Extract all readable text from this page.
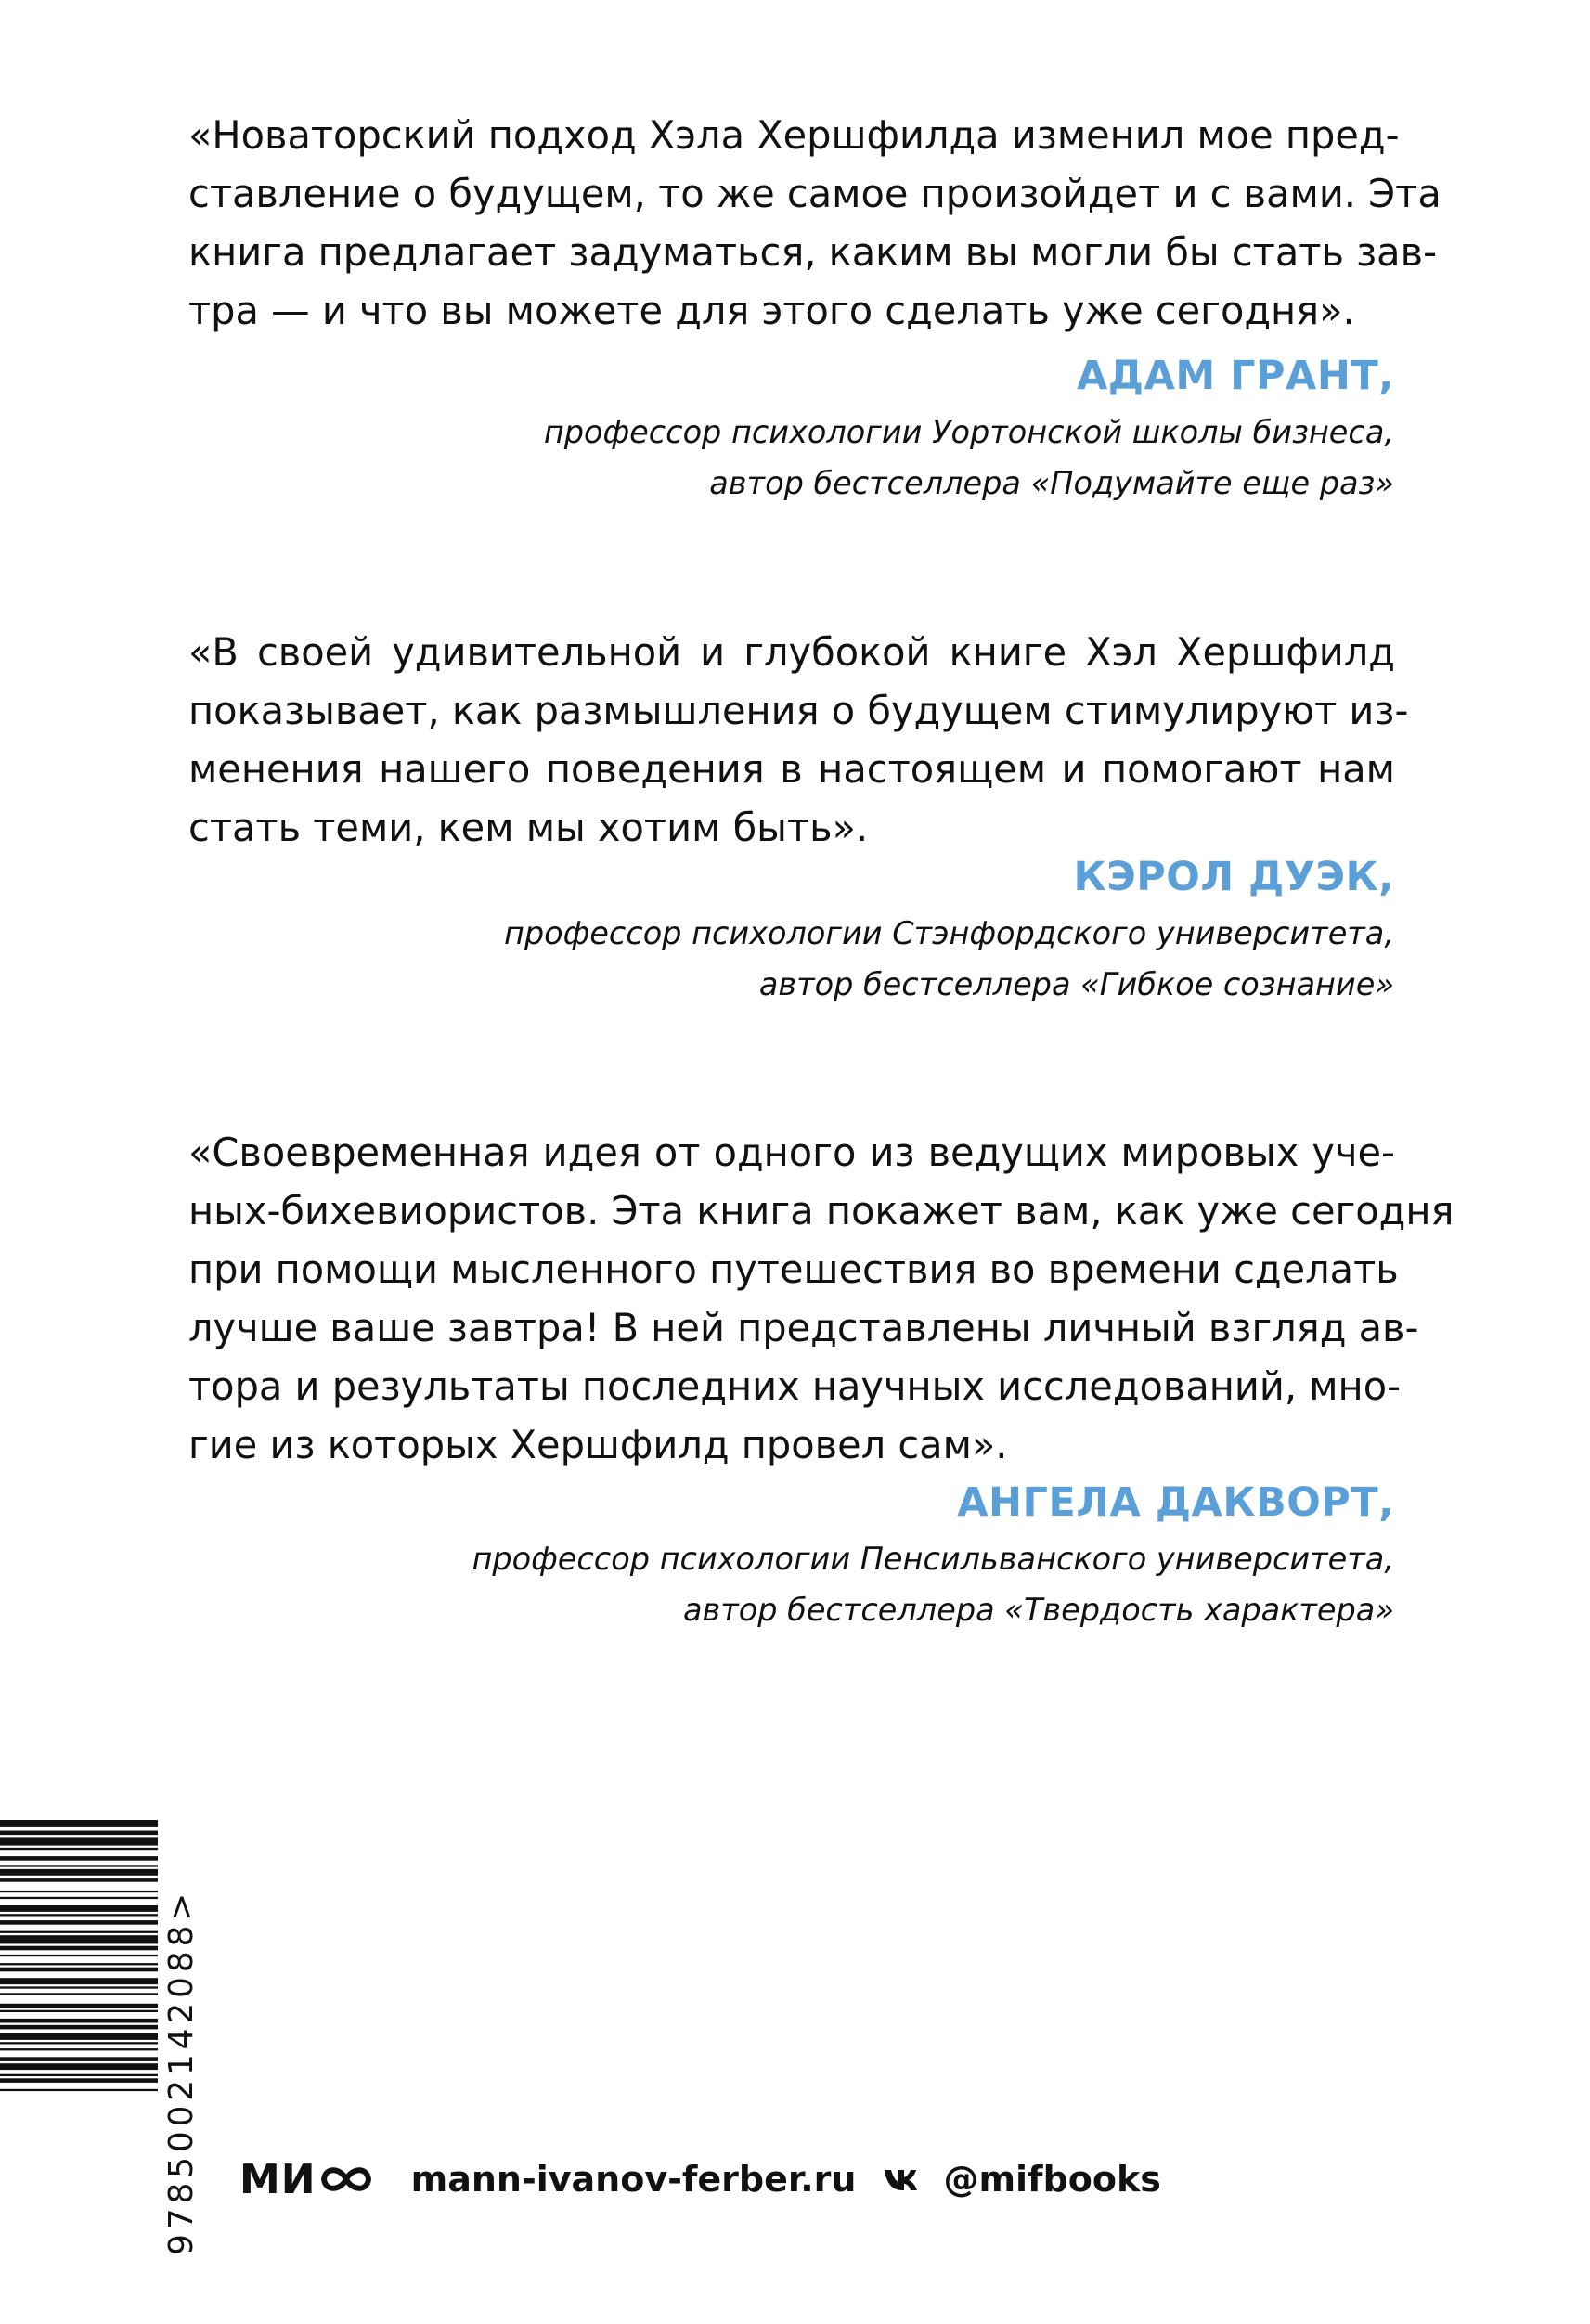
«Новаторский подход Хэла Хершфилда изменил мое пред-
ставление о будущем, то же самое произойдет и с вами. Эта
книга предлагает задуматься, каким вы могли бы стать зав-
тра — и что вы можете для этого сделать уже сегодня».
АДАМ ГРАНТ,
профессор психологии Уортонской школы бизнеса,
автор бестселлера «Подумайте еще раз»
«В своей удивительной и глубокой книге Хэл Хершфилд
показывает, как размышления о будущем стимулируют из-
менения нашего поведения в настоящем и помогают нам
стать теми, кем мы хотим быть».
КЭРОЛ ДУЭК,
профессор психологии Стэнфордского университета,
автор бестселлера «Гибкое сознание»
«Своевременная идея от одного из ведущих мировых уче-
ных-бихевиористов. Эта книга покажет вам, как уже сегодня
при помощи мысленного путешествия во времени сделать
лучше ваше завтра! В ней представлены личный взгляд ав-
тора и результаты последних научных исследований, мно-
гие из которых Хершфилд провел сам».
АНГЕЛА ДАКВОРТ,
профессор психологии Пенсильванского университета,
автор бестселлера «Твердость характера»
9785002142088>
МИ	mann-ivanov-ferber.ru @mifbooks
